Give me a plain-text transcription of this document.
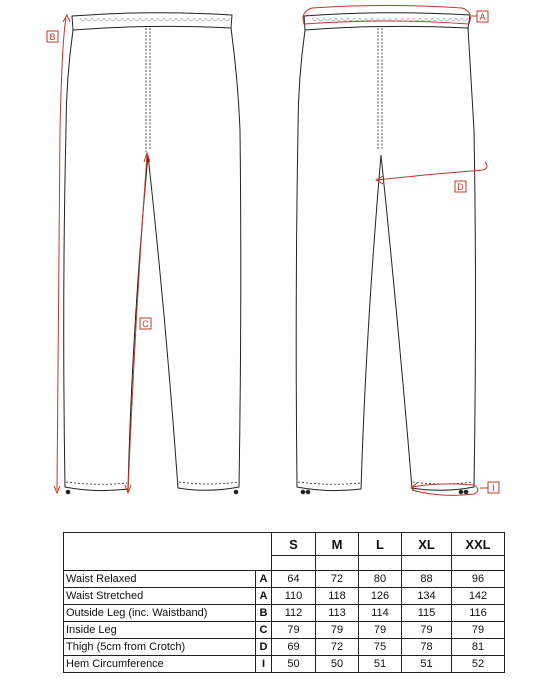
B
C
A
D
I
		S	M	L	XL	XXL

Waist Relaxed	A	64	72	80	88	96
Waist Stretched	A	110	118	126	134	142
Outside Leg (inc. Waistband)	B	112	113	114	115	116
Inside Leg	C	79	79	79	79	79
Thigh (5cm from Crotch)	D	69	72	75	78	81
Hem Circumference	I	50	50	51	51	52
